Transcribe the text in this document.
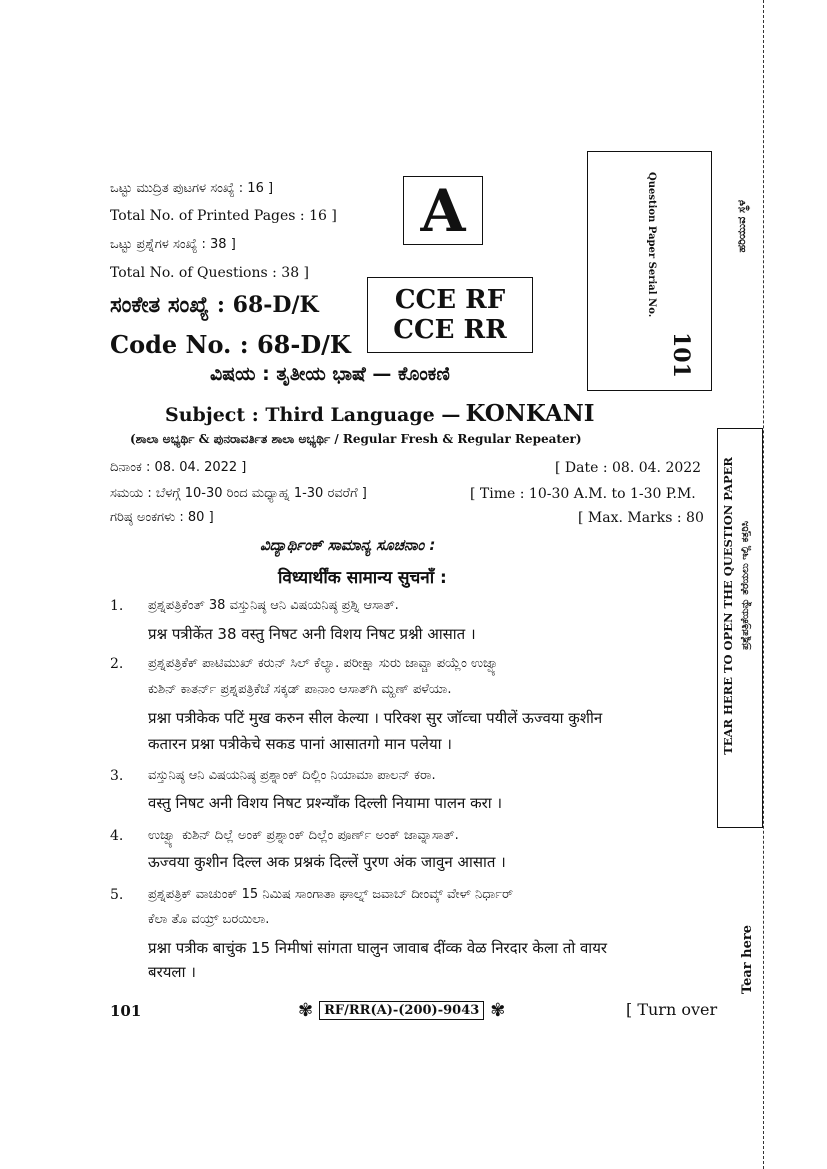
ಒಟ್ಟು ಮುದ್ರಿತ ಪುಟಗಳ ಸಂಖ್ಯೆ : 16 ]
Total No. of Printed Pages : 16 ]
ಒಟ್ಟು ಪ್ರಶ್ನೆಗಳ ಸಂಖ್ಯೆ : 38 ]
Total No. of Questions : 38 ]
ಸಂಕೇತ ಸಂಖ್ಯೆ : 68-D/K
Code No. : 68-D/K
A
CCE RF
CCE RR
Question Paper Serial No.
101
ವಿಷಯ : ತೃತೀಯ ಭಾಷೆ — ಕೊಂಕಣಿ
Subject : Third Language — KONKANI
(ಶಾಲಾ ಅಭ್ಯರ್ಥಿ & ಪುನರಾವರ್ತಿತ ಶಾಲಾ ಅಭ್ಯರ್ಥಿ / Regular Fresh & Regular Repeater)
ದಿನಾಂಕ : 08. 04. 2022 ]	[ Date : 08. 04. 2022
ಸಮಯ : ಬೆಳಗ್ಗೆ 10-30 ರಿಂದ ಮಧ್ಯಾಹ್ನ 1-30 ರವರೆಗೆ ]	[ Time : 10-30 A.M. to 1-30 P.M.
ಗರಿಷ್ಠ ಅಂಕಗಳು : 80 ]	[ Max. Marks : 80
ವಿದ್ಯಾರ್ಥಿಂಕ್ ಸಾಮಾನ್ಯ ಸೂಚನಾಂ :
विध्यार्थींक सामान्य सुचनाँ :
1. ಪ್ರಶ್ನಪತ್ರಿಕೆಂತ್ 38 ವಸ್ತುನಿಷ್ಠ ಆನಿ ವಿಷಯನಿಷ್ಠ ಪ್ರಶ್ನಿ ಆಸಾತ್.
प्रश्न पत्रीकेंत 38 वस्तु निषट अनी विशय निषट प्रश्नी आसात ।
2. ಪ್ರಶ್ನಪತ್ರಿಕೆಕ್ ಪಾಟಿಮುಖ್ ಕರುನ್ ಸಿಲ್ ಕೆಲ್ಯಾ. ಪರೀಕ್ಷಾ ಸುರು ಜಾವ್ಚಾ ಪಯ್ಲೆಂ ಉಜ್ವ್ಯಾ
ಕುಶಿನ್ ಕಾತರ್ನ್ ಪ್ರಶ್ನಪತ್ರಿಕೆಚೆ ಸಕ್ಕಡ್ ಪಾನಾಂ ಆಸಾತ್‌ಗಿ ಮ್ಹಣ್ ಪಳೆಯಾ.
प्रश्ना पत्रीकेक पटिं मुख करुन सील केल्या । परिक्श सुर जॉव्चा पयीलें ऊज्वया कुशीन
कतारन प्रश्ना पत्रीकेचे सकड पानां आसातगो मान पलेया ।
3. ವಸ್ತುನಿಷ್ಠ ಆನಿ ವಿಷಯನಿಷ್ಠ ಪ್ರಶ್ನಾಂಕ್ ದಿಲ್ಲಿಂ ನಿಯಾಮಾ ಪಾಲನ್ ಕರಾ.
वस्तु निषट अनी विशय निषट प्रश्न्याँक दिल्ली नियामा पालन करा ।
4. ಉಜ್ವ್ಯಾ ಕುಶಿನ್ ದಿಲ್ಲೆ ಅಂಕ್ ಪ್ರಶ್ನಾಂಕ್ ದಿಲ್ಲೆಂ ಪೂರ್ಣ್ ಅಂಕ್ ಜಾವ್ನಾಸಾತ್.
ऊज्वया कुशीन दिल्ल अक प्रश्नकं दिल्लें पुरण अंक जावुन आसात ।
5. ಪ್ರಶ್ನಪತ್ರಿಕ್ ವಾಚುಂಕ್ 15 ನಿಮಿಷ ಸಾಂಗಾತಾ ಘಾಲ್ನ್ ಜವಾಬ್ ದೀಂವ್ಕ್ ವೇಳ್ ನಿರ್ಧಾರ್
ಕೆಲಾ ತೊ ವಯ್ರ್ ಬರಯಿಲಾ.
प्रश्ना पत्रीक बाचुंक 15 निमीषां सांगता घालुन जावाब दींव्क वेळ निरदार केला तो वायर
बरयला ।
101	✾ RF/RR(A)-(200)-9043 ✾	[ Turn over
ಹರಿಯುವ ಸ್ಥಳ
TEAR HERE TO OPEN THE QUESTION PAPER ಪ್ರಶ್ನೆಪತ್ರಿಕೆಯನ್ನು ತೆರೆಯಲು ಇಲ್ಲಿ ಕತ್ತರಿಸಿ
Tear here
